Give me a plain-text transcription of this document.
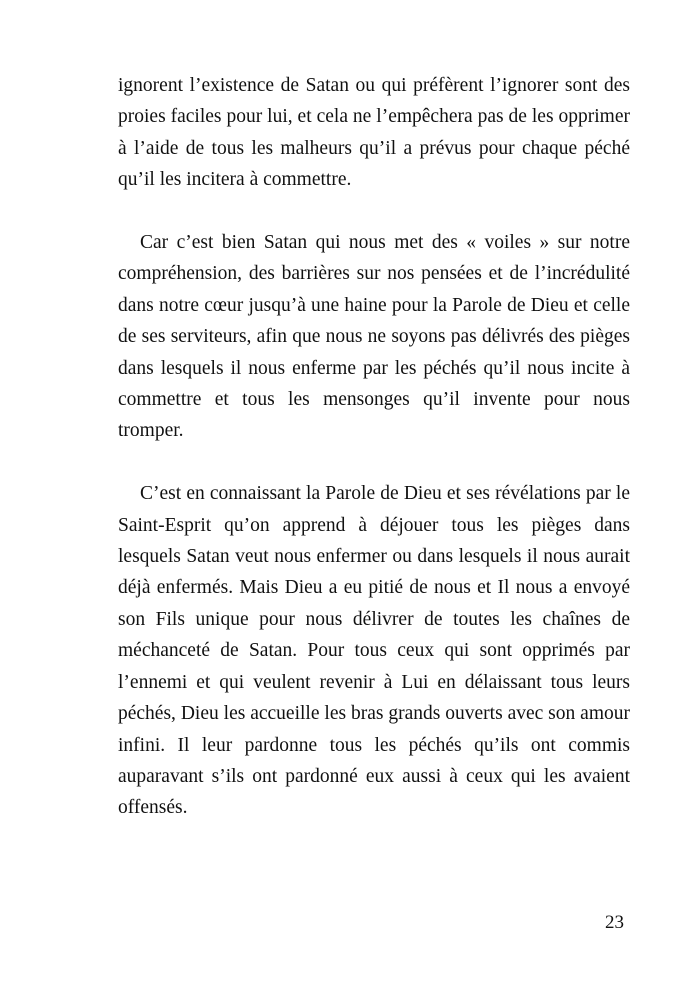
ignorent l’existence de Satan ou qui préfèrent l’ignorer sont des proies faciles pour lui, et cela ne l’empêchera pas de les opprimer à l’aide de tous les malheurs qu’il a prévus pour chaque péché qu’il les incitera à commettre.

Car c’est bien Satan qui nous met des « voiles » sur notre compréhension, des barrières sur nos pensées et de l’incrédulité dans notre cœur jusqu’à une haine pour la Parole de Dieu et celle de ses serviteurs, afin que nous ne soyons pas délivrés des pièges dans lesquels il nous enferme par les péchés qu’il nous incite à commettre et tous les mensonges qu’il invente pour nous tromper.

C’est en connaissant la Parole de Dieu et ses révélations par le Saint-Esprit qu’on apprend à déjouer tous les pièges dans lesquels Satan veut nous enfermer ou dans lesquels il nous aurait déjà enfermés. Mais Dieu a eu pitié de nous et Il nous a envoyé son Fils unique pour nous délivrer de toutes les chaînes de méchanceté de Satan. Pour tous ceux qui sont opprimés par l’ennemi et qui veulent revenir à Lui en délaissant tous leurs péchés, Dieu les accueille les bras grands ouverts avec son amour infini. Il leur pardonne tous les péchés qu’ils ont commis auparavant s’ils ont pardonné eux aussi à ceux qui les avaient offensés.

23
